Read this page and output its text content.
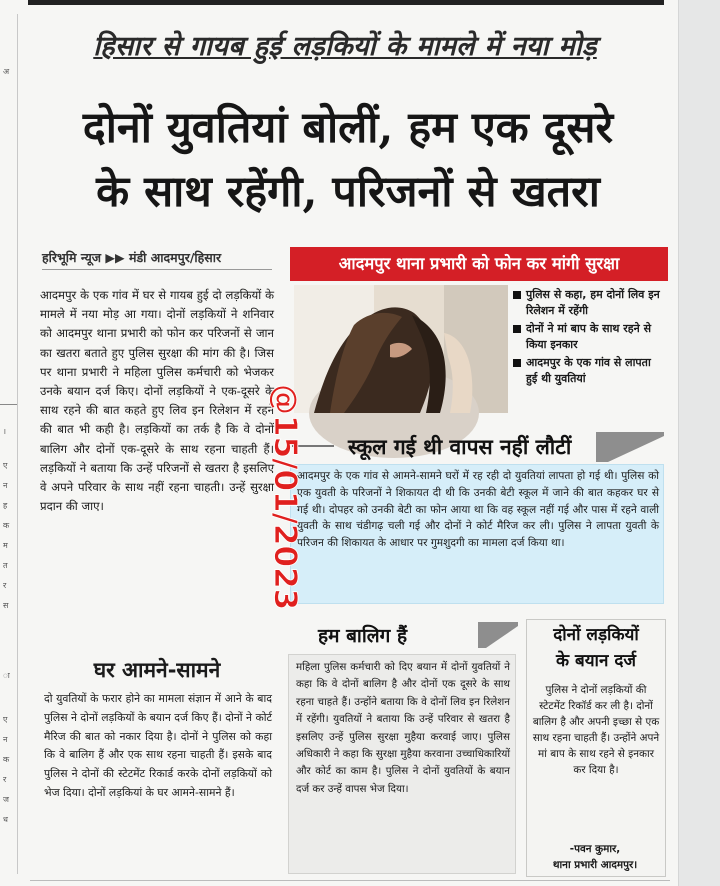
अ
।
ए
न
ह
क
म
त
र
स
ा
ए
न
क
र
ज
ध
हिसार से गायब हुई लड़कियों के मामले में नया मोड़
दोनों युवतियां बोलीं, हम एक दूसरे
के साथ रहेंगी, परिजनों से खतरा
हरिभूमि न्यूज ▶▶ मंडी आदमपुर/हिसार
आदमपुर के एक गांव में घर से गायब हुई दो लड़कियों के मामले में नया मोड़ आ गया। दोनों लड़कियों ने शनिवार को आदमपुर थाना प्रभारी को फोन कर परिजनों से जान का खतरा बताते हुए पुलिस सुरक्षा की मांग की है। जिस पर थाना प्रभारी ने महिला पुलिस कर्मचारी को भेजकर उनके बयान दर्ज किए। दोनों लड़कियों ने एक-दूसरे के साथ रहने की बात कहते हुए लिव इन रिलेशन में रहने की बात भी कही है। लड़कियों का तर्क है कि वे दोनों बालिग और दोनों एक-दूसरे के साथ रहना चाहती हैं। लड़कियों ने बताया कि उन्हें परिजनों से खतरा है इसलिए वे अपने परिवार के साथ नहीं रहना चाहती। उन्हें सुरक्षा प्रदान की जाए।
घर आमने-सामने
दो युवतियों के फरार होने का मामला संज्ञान में आने के बाद पुलिस ने दोनों लड़कियों के बयान दर्ज किए हैं। दोनों ने कोर्ट मैरिज की बात को नकार दिया है। दोनों ने पुलिस को कहा कि वे बालिग हैं और एक साथ रहना चाहती हैं। इसके बाद पुलिस ने दोनों की स्टेटमेंट रिकार्ड करके दोनों लड़कियों को भेज दिया। दोनों लड़कियां के घर आमने-सामने हैं।
आदमपुर थाना प्रभारी को फोन कर मांगी सुरक्षा
पुलिस से कहा, हम दोनों लिव इन रिलेशन में रहेंगी
दोनों ने मां बाप के साथ रहने से किया इनकार
आदमपुर के एक गांव से लापता हुई थी युवतियां
स्कूल गई थी वापस नहीं लौटीं
आदमपुर के एक गांव से आमने-सामने घरों में रह रही दो युवतियां लापता हो गई थी। पुलिस को एक युवती के परिजनों ने शिकायत दी थी कि उनकी बेटी स्कूल में जाने की बात कहकर घर से गई थी। दोपहर को उनकी बेटी का फोन आया था कि वह स्कूल नहीं गई और पास में रहने वाली युवती के साथ चंडीगढ़ चली गई और दोनों ने कोर्ट मैरिज कर ली। पुलिस ने लापता युवती के परिजन की शिकायत के आधार पर गुमशुदगी का मामला दर्ज किया था।
हम बालिग हैं
महिला पुलिस कर्मचारी को दिए बयान में दोनों युवतियों ने कहा कि वे दोनों बालिग है और दोनों एक दूसरे के साथ रहना चाहते हैं। उन्होंने बताया कि वे दोनों लिव इन रिलेशन में रहेंगी। युवतियों ने बताया कि उन्हें परिवार से खतरा है इसलिए उन्हें पुलिस सुरक्षा मुहैया करवाई जाए। पुलिस अधिकारी ने कहा कि सुरक्षा मुहैया करवाना उच्चाधिकारियों और कोर्ट का काम है। पुलिस ने दोनों युवतियों के बयान दर्ज कर उन्हें वापस भेज दिया।
दोनों लड़कियों
के बयान दर्ज
पुलिस ने दोनों लड़कियों की स्टेटमेंट रिकॉर्ड कर ली है। दोनों बालिग है और अपनी इच्छा से एक साथ रहना चाहती हैं। उन्होंने अपने मां बाप के साथ रहने से इनकार कर दिया है।
-पवन कुमार,
थाना प्रभारी आदमपुर।
@15/01/2023
